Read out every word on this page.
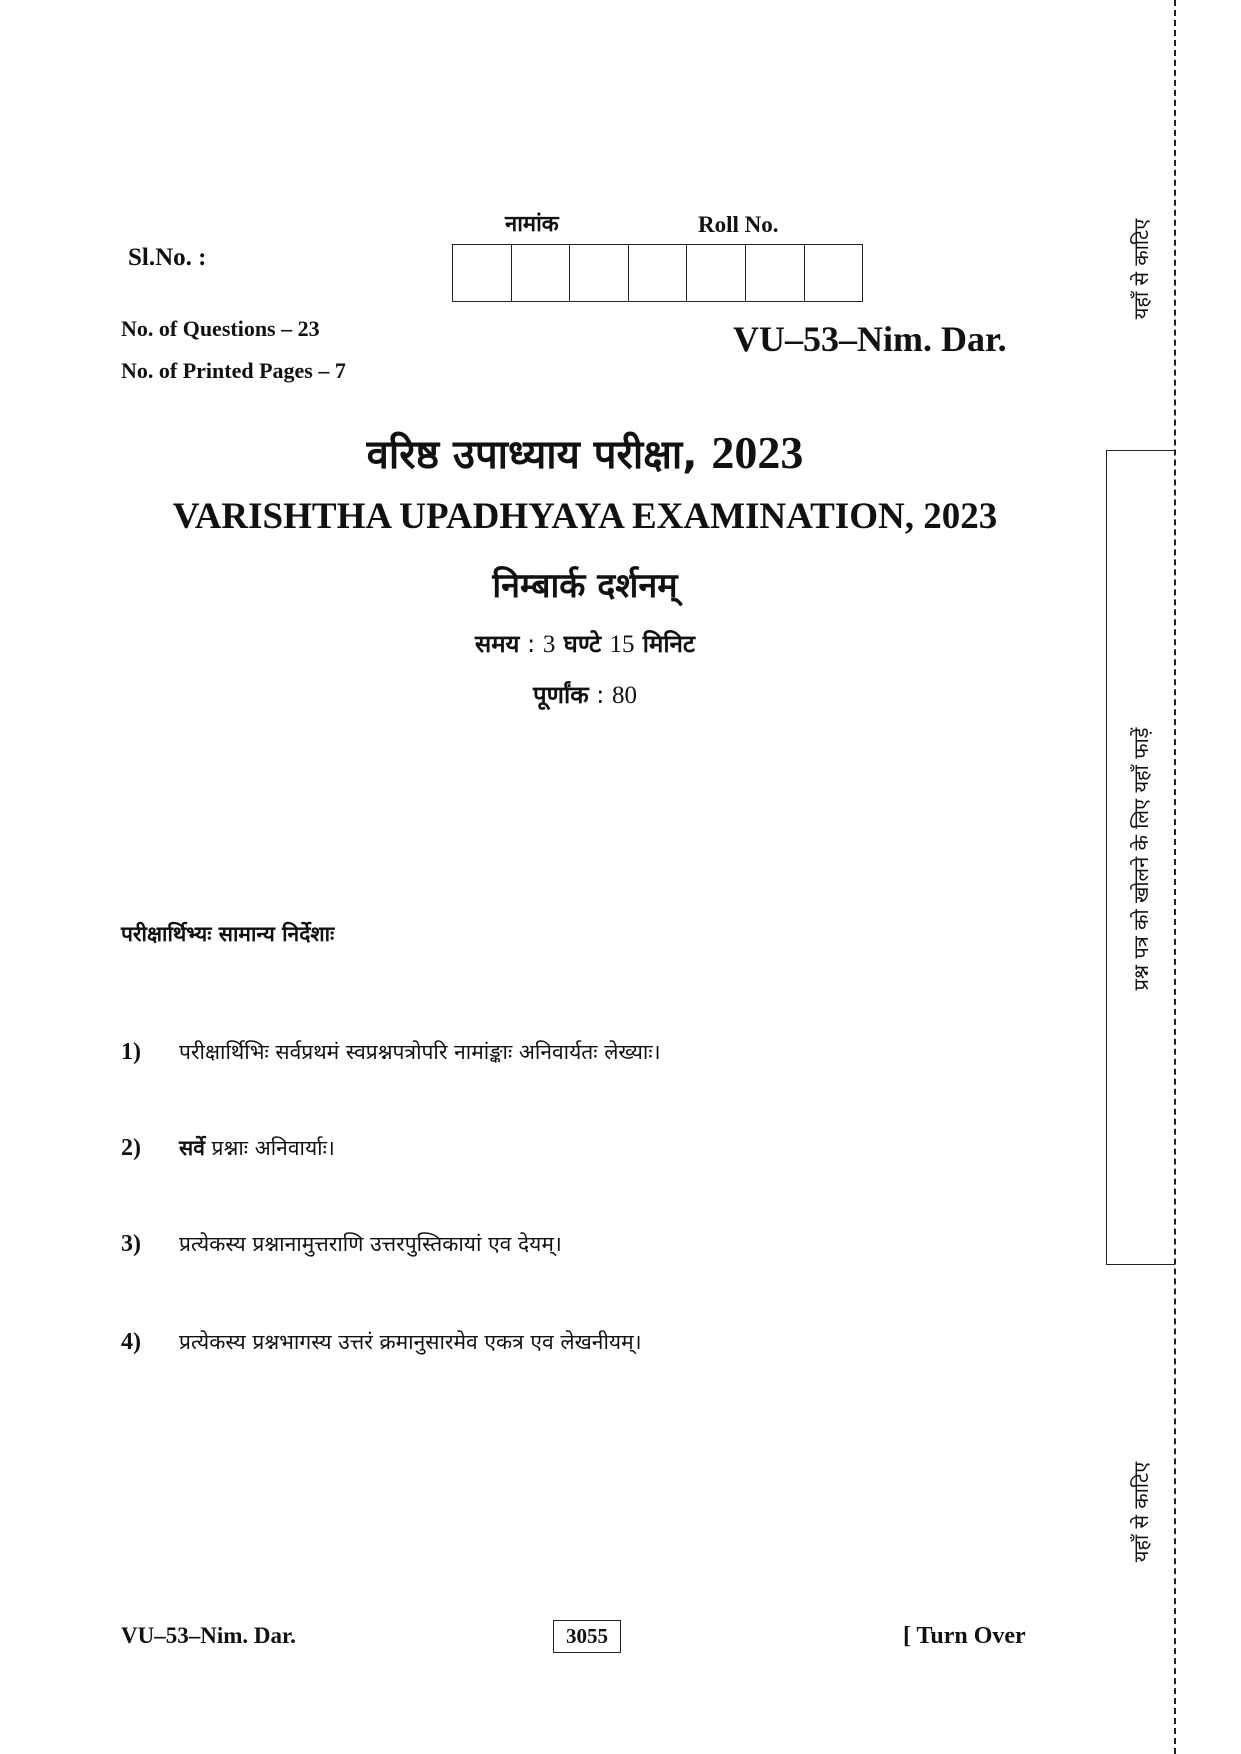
Sl.No. :
नामांक	Roll No.
No. of Questions – 23
No. of Printed Pages – 7
VU–53–Nim. Dar.
वरिष्ठ उपाध्याय परीक्षा, 2023
VARISHTHA UPADHYAYA EXAMINATION, 2023
निम्बार्क दर्शनम्
समय : 3 घण्टे 15 मिनिट
पूर्णांक : 80
परीक्षार्थिभ्यः सामान्य निर्देशाः
1) परीक्षार्थिभिः सर्वप्रथमं स्वप्रश्नपत्रोपरि नामांङ्काः अनिवार्यतः लेख्याः।
2) सर्वे प्रश्नाः अनिवार्याः।
3) प्रत्येकस्य प्रश्नानामुत्तराणि उत्तरपुस्तिकायां एव देयम्।
4) प्रत्येकस्य प्रश्नभागस्य उत्तरं क्रमानुसारमेव एकत्र एव लेखनीयम्।
VU–53–Nim. Dar.	3055	[ Turn Over
यहाँ से काटिए
प्रश्न पत्र को खोलने के लिए यहाँ फाड़ें
यहाँ से काटिए
